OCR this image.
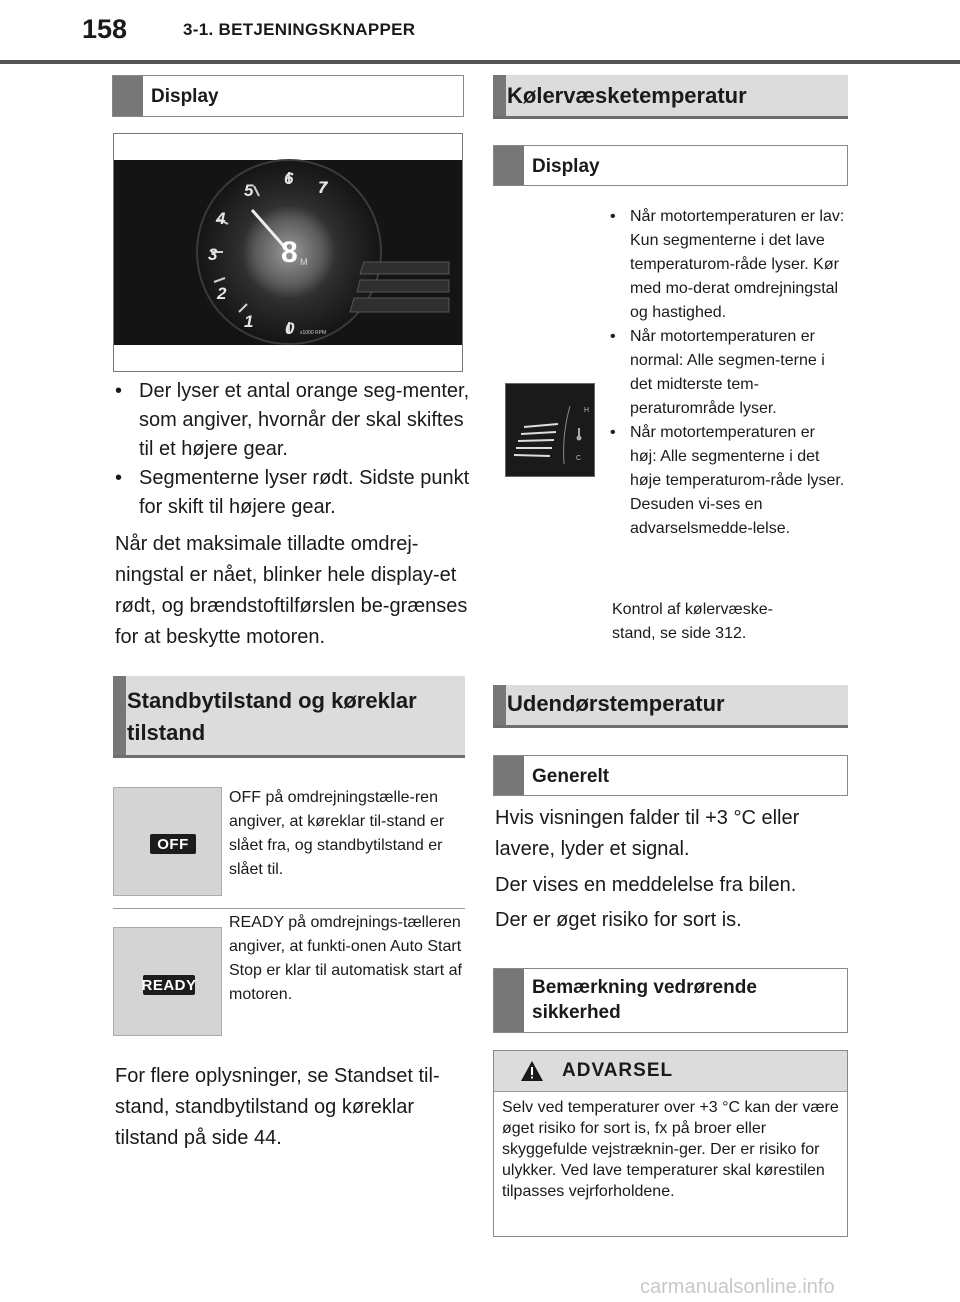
158	3-1. BETJENINGSKNAPPER
Display
0
1
2
3
4
5
6 7
8 M
x1000 RPM
• Der lyser et antal orange seg-menter, som angiver, hvornår der skal skiftes til et højere gear.
• Segmenterne lyser rødt. Sidste punkt for skift til højere gear.
Når det maksimale tilladte omdrej-ningstal er nået, blinker hele display-et rødt, og brændstoftilførslen be-grænses for at beskytte motoren.
Standbytilstand og køreklar tilstand
OFF
OFF på omdrejningstælle-ren angiver, at køreklar til-stand er slået fra, og standbytilstand er slået til.
READY
READY på omdrejnings-tælleren angiver, at funkti-onen Auto Start Stop er klar til automatisk start af motoren.
For flere oplysninger, se Standset til-stand, standbytilstand og køreklar tilstand på side 44.
Kølervæsketemperatur
Display
H
C
• Når motortemperaturen er lav: Kun segmenterne i det lave temperaturom-råde lyser. Kør med mo-derat omdrejningstal og hastighed.
• Når motortemperaturen er normal: Alle segmen-terne i det midterste tem-peraturområde lyser.
• Når motortemperaturen er høj: Alle segmenterne i det høje temperaturom-råde lyser. Desuden vi-ses en advarselsmedde-lelse.
Kontrol af kølervæske-stand, se side 312.
Udendørstemperatur
Generelt
Hvis visningen falder til +3 °C eller lavere, lyder et signal.
Der vises en meddelelse fra bilen.
Der er øget risiko for sort is.
Bemærkning vedrørende sikkerhed
ADVARSEL
Selv ved temperaturer over +3 °C kan der være øget risiko for sort is, fx på broer eller skyggefulde vejstræknin-ger. Der er risiko for ulykker. Ved lave temperaturer skal kørestilen tilpasses vejrforholdene.
carmanualsonline.info
